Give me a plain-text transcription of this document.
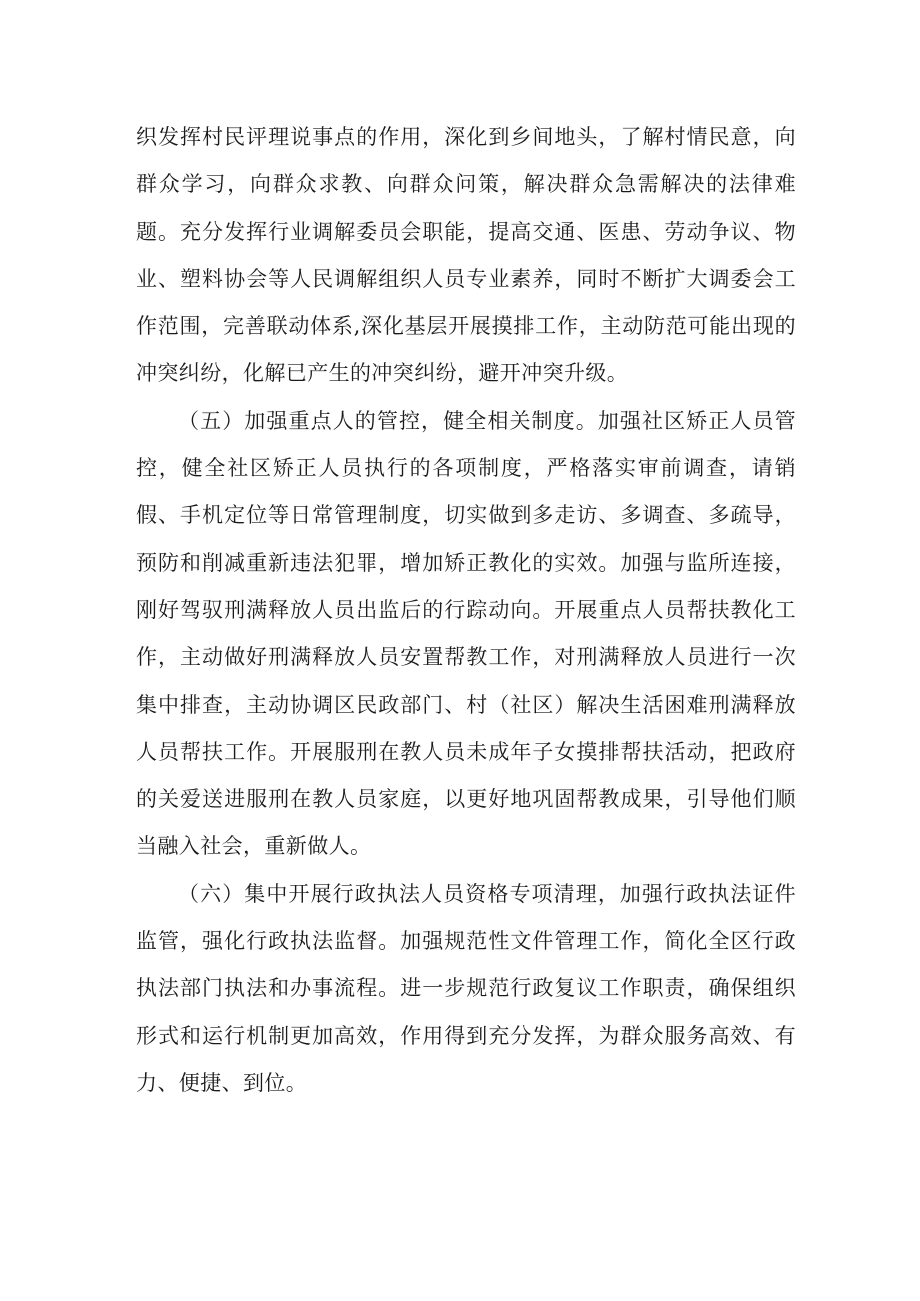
织发挥村民评理说事点的作用，深化到乡间地头，了解村情民意，向群众学习，向群众求教、向群众问策，解决群众急需解决的法律难题。充分发挥行业调解委员会职能，提高交通、医患、劳动争议、物业、塑料协会等人民调解组织人员专业素养，同时不断扩大调委会工作范围，完善联动体系,深化基层开展摸排工作，主动防范可能出现的冲突纠纷，化解已产生的冲突纠纷，避开冲突升级。

（五）加强重点人的管控，健全相关制度。加强社区矫正人员管控，健全社区矫正人员执行的各项制度，严格落实审前调查，请销假、手机定位等日常管理制度，切实做到多走访、多调查、多疏导，预防和削减重新违法犯罪，增加矫正教化的实效。加强与监所连接，刚好驾驭刑满释放人员出监后的行踪动向。开展重点人员帮扶教化工作，主动做好刑满释放人员安置帮教工作，对刑满释放人员进行一次集中排查，主动协调区民政部门、村（社区）解决生活困难刑满释放人员帮扶工作。开展服刑在教人员未成年子女摸排帮扶活动，把政府的关爱送进服刑在教人员家庭，以更好地巩固帮教成果，引导他们顺当融入社会，重新做人。

（六）集中开展行政执法人员资格专项清理，加强行政执法证件监管，强化行政执法监督。加强规范性文件管理工作，简化全区行政执法部门执法和办事流程。进一步规范行政复议工作职责，确保组织形式和运行机制更加高效，作用得到充分发挥，为群众服务高效、有力、便捷、到位。
